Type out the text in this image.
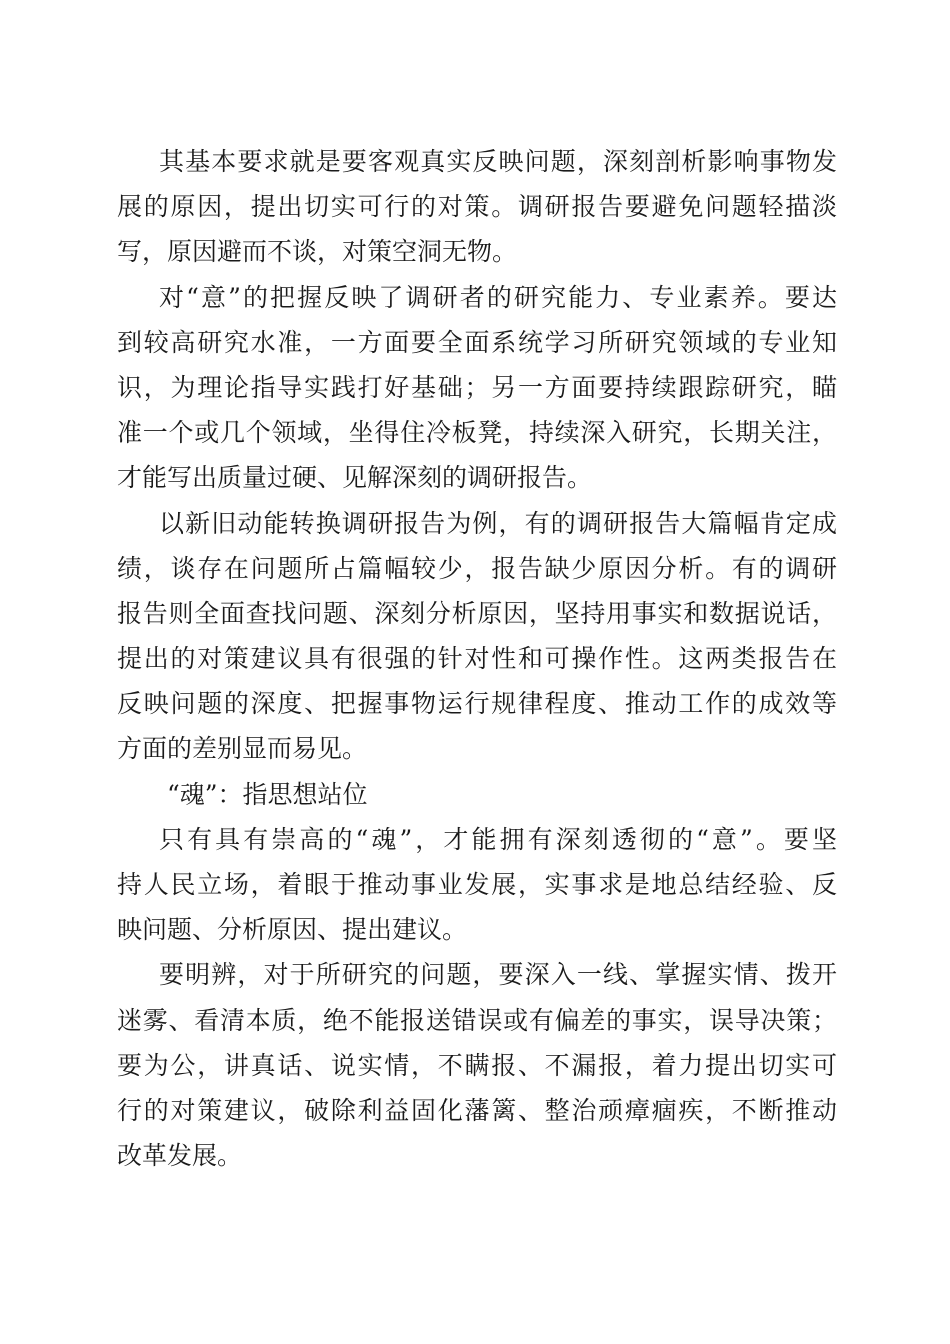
其基本要求就是要客观真实反映问题，深刻剖析影响事物发
展的原因，提出切实可行的对策。调研报告要避免问题轻描淡
写，原因避而不谈，对策空洞无物。
对“意”的把握反映了调研者的研究能力、专业素养。要达
到较高研究水准，一方面要全面系统学习所研究领域的专业知
识，为理论指导实践打好基础；另一方面要持续跟踪研究，瞄
准一个或几个领域，坐得住冷板凳，持续深入研究，长期关注，
才能写出质量过硬、见解深刻的调研报告。
以新旧动能转换调研报告为例，有的调研报告大篇幅肯定成
绩，谈存在问题所占篇幅较少，报告缺少原因分析。有的调研
报告则全面查找问题、深刻分析原因，坚持用事实和数据说话，
提出的对策建议具有很强的针对性和可操作性。这两类报告在
反映问题的深度、把握事物运行规律程度、推动工作的成效等
方面的差别显而易见。
“魂”：指思想站位
只有具有崇高的“魂”，才能拥有深刻透彻的“意”。要坚
持人民立场，着眼于推动事业发展，实事求是地总结经验、反
映问题、分析原因、提出建议。
要明辨，对于所研究的问题，要深入一线、掌握实情、拨开
迷雾、看清本质，绝不能报送错误或有偏差的事实，误导决策；
要为公，讲真话、说实情，不瞒报、不漏报，着力提出切实可
行的对策建议，破除利益固化藩篱、整治顽瘴痼疾，不断推动
改革发展。
